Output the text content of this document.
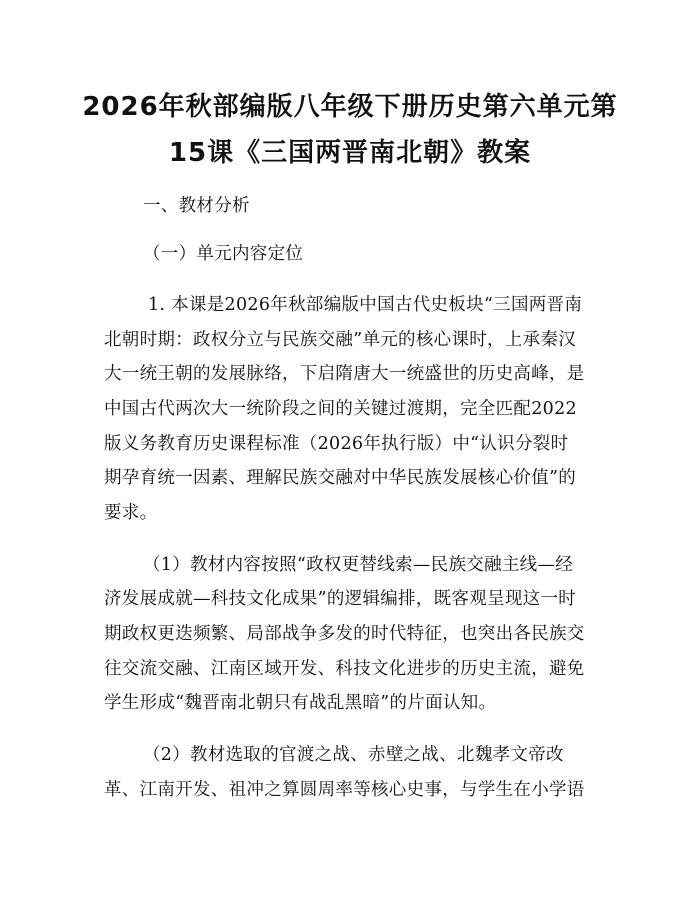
2026年秋部编版八年级下册历史第六单元第
15课《三国两晋南北朝》教案
一、教材分析
（一）单元内容定位
1. 本课是2026年秋部编版中国古代史板块“三国两晋南
北朝时期：政权分立与民族交融”单元的核心课时，上承秦汉
大一统王朝的发展脉络，下启隋唐大一统盛世的历史高峰，是
中国古代两次大一统阶段之间的关键过渡期，完全匹配2022
版义务教育历史课程标准（2026年执行版）中“认识分裂时
期孕育统一因素、理解民族交融对中华民族发展核心价值”的
要求。
（1）教材内容按照“政权更替线索—民族交融主线—经
济发展成就—科技文化成果”的逻辑编排，既客观呈现这一时
期政权更迭频繁、局部战争多发的时代特征，也突出各民族交
往交流交融、江南区域开发、科技文化进步的历史主流，避免
学生形成“魏晋南北朝只有战乱黑暗”的片面认知。
（2）教材选取的官渡之战、赤壁之战、北魏孝文帝改
革、江南开发、祖冲之算圆周率等核心史事，与学生在小学语
